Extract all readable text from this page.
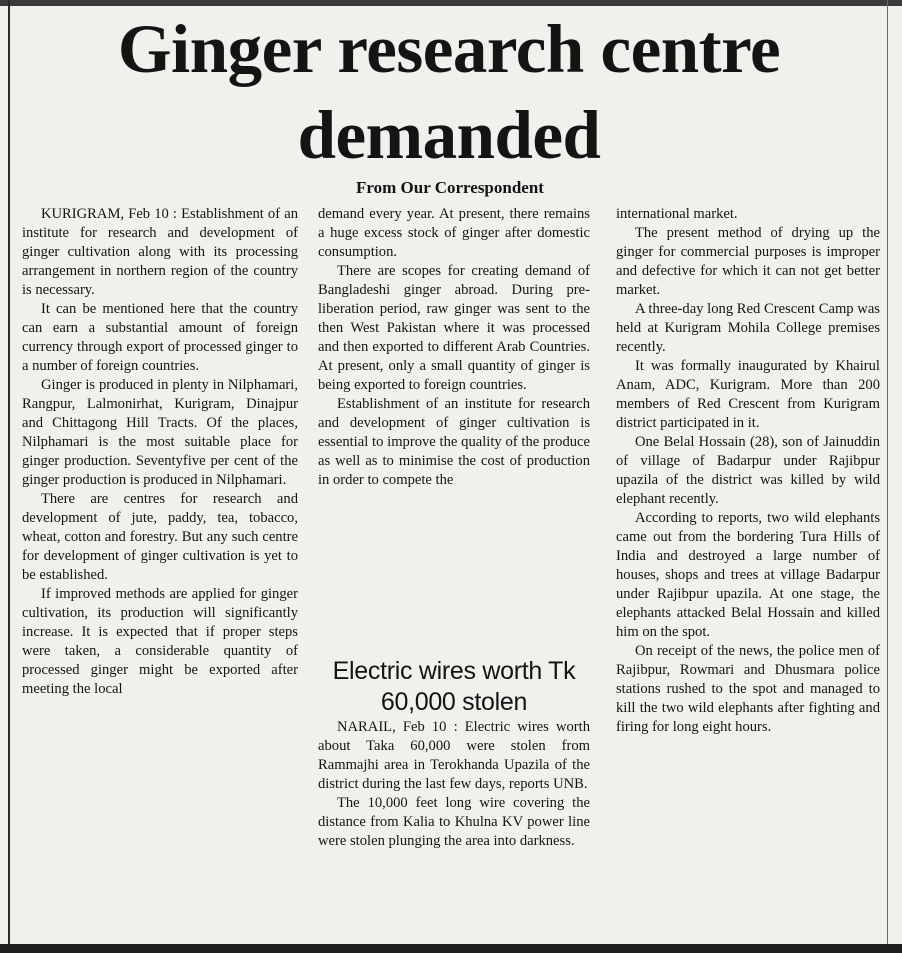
Ginger research centre demanded
From Our Correspondent

KURIGRAM, Feb 10 : Establishment of an institute for research and development of ginger cultivation along with its processing arrangement in northern region of the country is necessary.

It can be mentioned here that the country can earn a substantial amount of foreign currency through export of processed ginger to a number of foreign countries.

Ginger is produced in plenty in Nilphamari, Rangpur, Lalmonirhat, Kurigram, Dinajpur and Chittagong Hill Tracts. Of the places, Nilphamari is the most suitable place for ginger production. Seventyfive per cent of the ginger production is produced in Nilphamari.

There are centres for research and development of jute, paddy, tea, tobacco, wheat, cotton and forestry. But any such centre for development of ginger cultivation is yet to be established.

If improved methods are applied for ginger cultivation, its production will significantly increase. It is expected that if proper steps were taken, a considerable quantity of processed ginger might be exported after meeting the local

demand every year. At present, there remains a huge excess stock of ginger after domestic consumption.

There are scopes for creating demand of Bangladeshi ginger abroad. During pre-liberation period, raw ginger was sent to the then West Pakistan where it was processed and then exported to different Arab Countries. At present, only a small quantity of ginger is being exported to foreign countries.

Establishment of an institute for research and development of ginger cultivation is essential to improve the quality of the produce as well as to minimise the cost of production in order to compete the

Electric wires worth Tk 60,000 stolen

NARAIL, Feb 10 : Electric wires worth about Taka 60,000 were stolen from Rammajhi area in Terokhanda Upazila of the district during the last few days, reports UNB.

The 10,000 feet long wire covering the distance from Kalia to Khulna KV power line were stolen plunging the area into darkness.

international market.

The present method of drying up the ginger for commercial purposes is improper and defective for which it can not get better market.

A three-day long Red Crescent Camp was held at Kurigram Mohila College premises recently.

It was formally inaugurated by Khairul Anam, ADC, Kurigram. More than 200 members of Red Crescent from Kurigram district participated in it.

One Belal Hossain (28), son of Jainuddin of village of Badarpur under Rajibpur upazila of the district was killed by wild elephant recently.

According to reports, two wild elephants came out from the bordering Tura Hills of India and destroyed a large number of houses, shops and trees at village Badarpur under Rajibpur upazila. At one stage, the elephants attacked Belal Hossain and killed him on the spot.

On receipt of the news, the police men of Rajibpur, Rowmari and Dhusmara police stations rushed to the spot and managed to kill the two wild elephants after fighting and firing for long eight hours.
